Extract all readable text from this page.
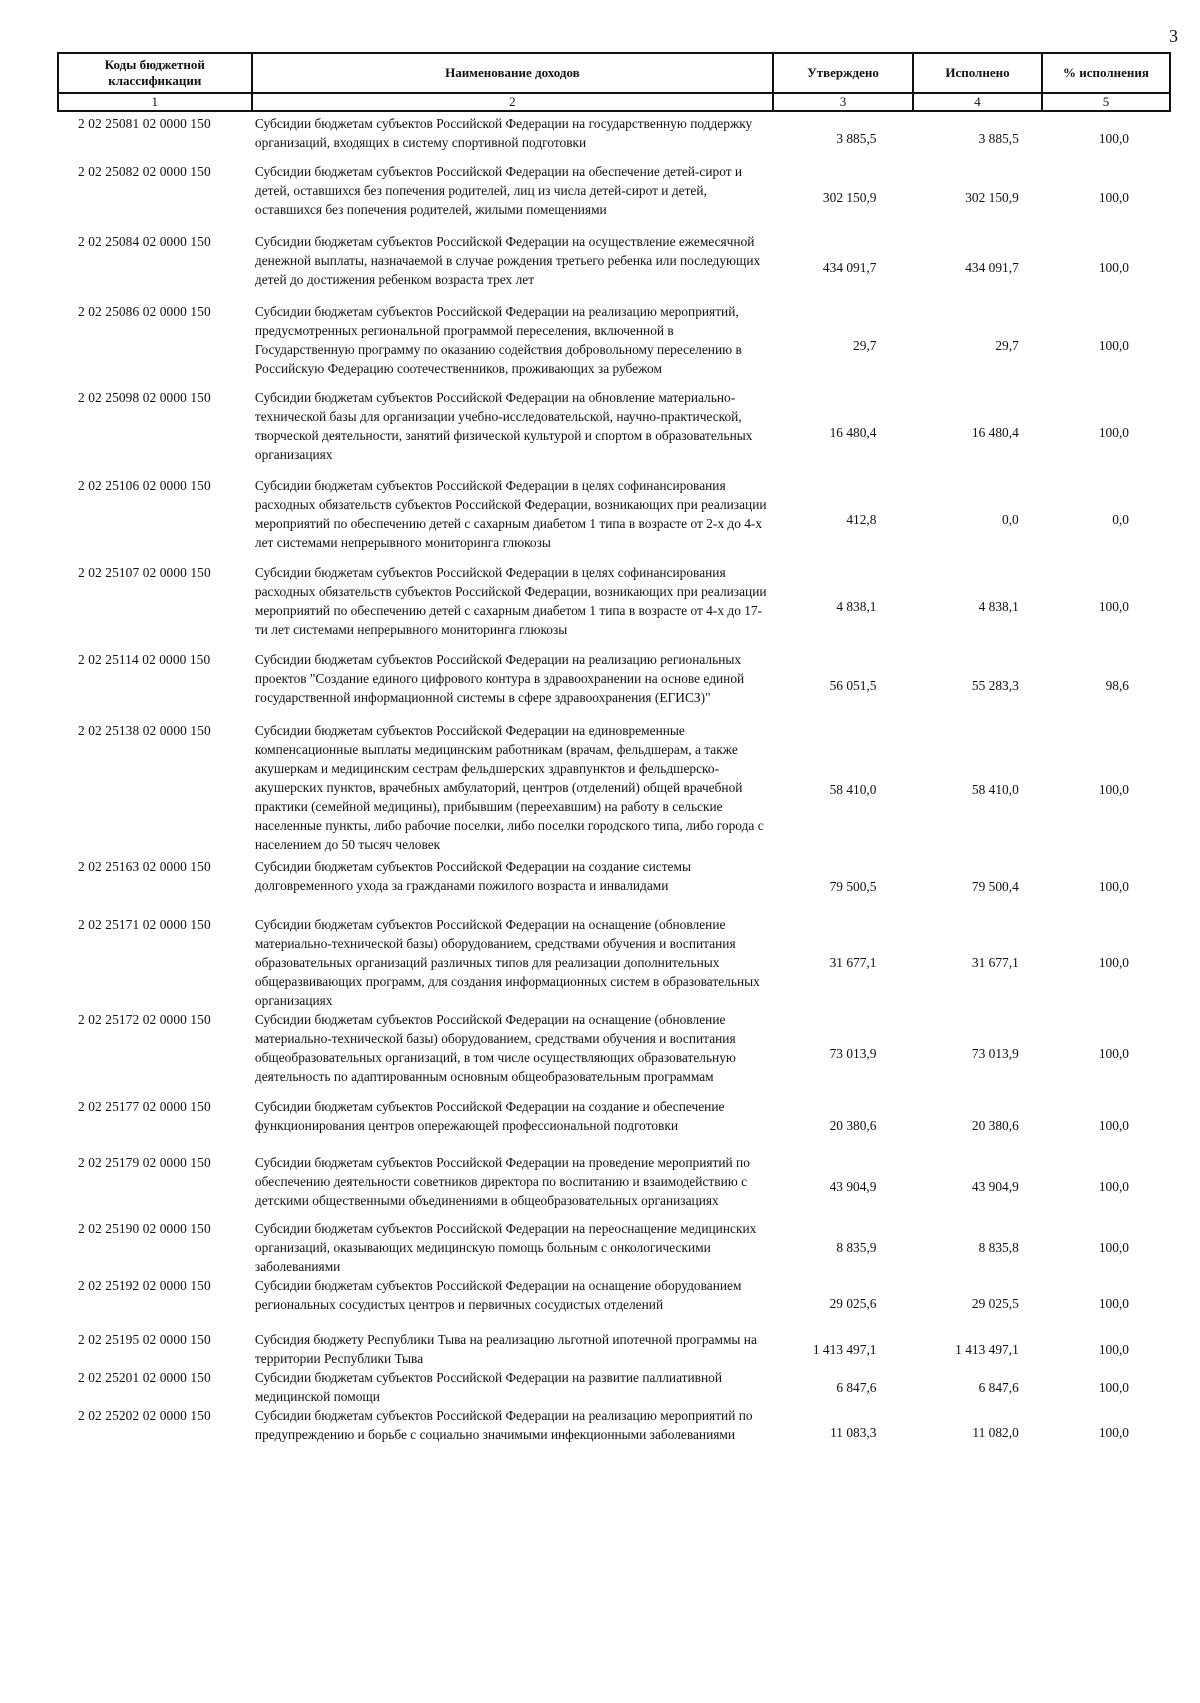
3
Коды бюджетной классификации	Наименование доходов	Утверждено	Исполнено	% исполнения
1	2	3	4	5
2 02 25081 02 0000 150	Субсидии бюджетам субъектов Российской Федерации на государственную поддержку организаций, входящих в систему спортивной подготовки	3 885,5	3 885,5	100,0
2 02 25082 02 0000 150	Субсидии бюджетам субъектов Российской Федерации на обеспечение детей-сирот и детей, оставшихся без попечения родителей, лиц из числа детей-сирот и детей, оставшихся без попечения родителей, жилыми помещениями	302 150,9	302 150,9	100,0
2 02 25084 02 0000 150	Субсидии бюджетам субъектов Российской Федерации на осуществление ежемесячной денежной выплаты, назначаемой в случае рождения третьего ребенка или последующих детей до достижения ребенком возраста трех лет	434 091,7	434 091,7	100,0
2 02 25086 02 0000 150	Субсидии бюджетам субъектов Российской Федерации на реализацию мероприятий, предусмотренных региональной программой переселения, включенной в Государственную программу по оказанию содействия добровольному переселению в Российскую Федерацию соотечественников, проживающих за рубежом	29,7	29,7	100,0
2 02 25098 02 0000 150	Субсидии бюджетам субъектов Российской Федерации на обновление материально-технической базы для организации учебно-исследовательской, научно-практической, творческой деятельности, занятий физической культурой и спортом в образовательных организациях	16 480,4	16 480,4	100,0
2 02 25106 02 0000 150	Субсидии бюджетам субъектов Российской Федерации в целях софинансирования расходных обязательств субъектов Российской Федерации, возникающих при реализации мероприятий по обеспечению детей с сахарным диабетом 1 типа в возрасте от 2-х до 4-х лет системами непрерывного мониторинга глюкозы	412,8	0,0	0,0
2 02 25107 02 0000 150	Субсидии бюджетам субъектов Российской Федерации в целях софинансирования расходных обязательств субъектов Российской Федерации, возникающих при реализации мероприятий по обеспечению детей с сахарным диабетом 1 типа в возрасте от 4-х до 17-ти лет системами непрерывного мониторинга глюкозы	4 838,1	4 838,1	100,0
2 02 25114 02 0000 150	Субсидии бюджетам субъектов Российской Федерации на реализацию региональных проектов "Создание единого цифрового контура в здравоохранении на основе единой государственной информационной системы в сфере здравоохранения (ЕГИСЗ)"	56 051,5	55 283,3	98,6
2 02 25138 02 0000 150	Субсидии бюджетам субъектов Российской Федерации на единовременные компенсационные выплаты медицинским работникам (врачам, фельдшерам, а также акушеркам и медицинским сестрам фельдшерских здравпунктов и фельдшерско-акушерских пунктов, врачебных амбулаторий, центров (отделений) общей врачебной практики (семейной медицины), прибывшим (переехавшим) на работу в сельские населенные пункты, либо рабочие поселки, либо поселки городского типа, либо города с населением до 50 тысяч человек	58 410,0	58 410,0	100,0
2 02 25163 02 0000 150	Субсидии бюджетам субъектов Российской Федерации на создание системы долговременного ухода за гражданами пожилого возраста и инвалидами	79 500,5	79 500,4	100,0
2 02 25171 02 0000 150	Субсидии бюджетам субъектов Российской Федерации на оснащение (обновление материально-технической базы) оборудованием, средствами обучения и воспитания образовательных организаций различных типов для реализации дополнительных общеразвивающих программ, для создания информационных систем в образовательных организациях	31 677,1	31 677,1	100,0
2 02 25172 02 0000 150	Субсидии бюджетам субъектов Российской Федерации на оснащение (обновление материально-технической базы) оборудованием, средствами обучения и воспитания общеобразовательных организаций, в том числе осуществляющих образовательную деятельность по адаптированным основным общеобразовательным программам	73 013,9	73 013,9	100,0
2 02 25177 02 0000 150	Субсидии бюджетам субъектов Российской Федерации на создание и обеспечение функционирования центров опережающей профессиональной подготовки	20 380,6	20 380,6	100,0
2 02 25179 02 0000 150	Субсидии бюджетам субъектов Российской Федерации на проведение мероприятий по обеспечению деятельности советников директора по воспитанию и взаимодействию с детскими общественными объединениями в общеобразовательных организациях	43 904,9	43 904,9	100,0
2 02 25190 02 0000 150	Субсидии бюджетам субъектов Российской Федерации на переоснащение медицинских организаций, оказывающих медицинскую помощь больным с онкологическими заболеваниями	8 835,9	8 835,8	100,0
2 02 25192 02 0000 150	Субсидии бюджетам субъектов Российской Федерации на оснащение оборудованием региональных сосудистых центров и первичных сосудистых отделений	29 025,6	29 025,5	100,0
2 02 25195 02 0000 150	Субсидия бюджету Республики Тыва на реализацию льготной ипотечной программы на территории Республики Тыва	1 413 497,1	1 413 497,1	100,0
2 02 25201 02 0000 150	Субсидии бюджетам субъектов Российской Федерации на развитие паллиативной медицинской помощи	6 847,6	6 847,6	100,0
2 02 25202 02 0000 150	Субсидии бюджетам субъектов Российской Федерации на реализацию мероприятий по предупреждению и борьбе с социально значимыми инфекционными заболеваниями	11 083,3	11 082,0	100,0
